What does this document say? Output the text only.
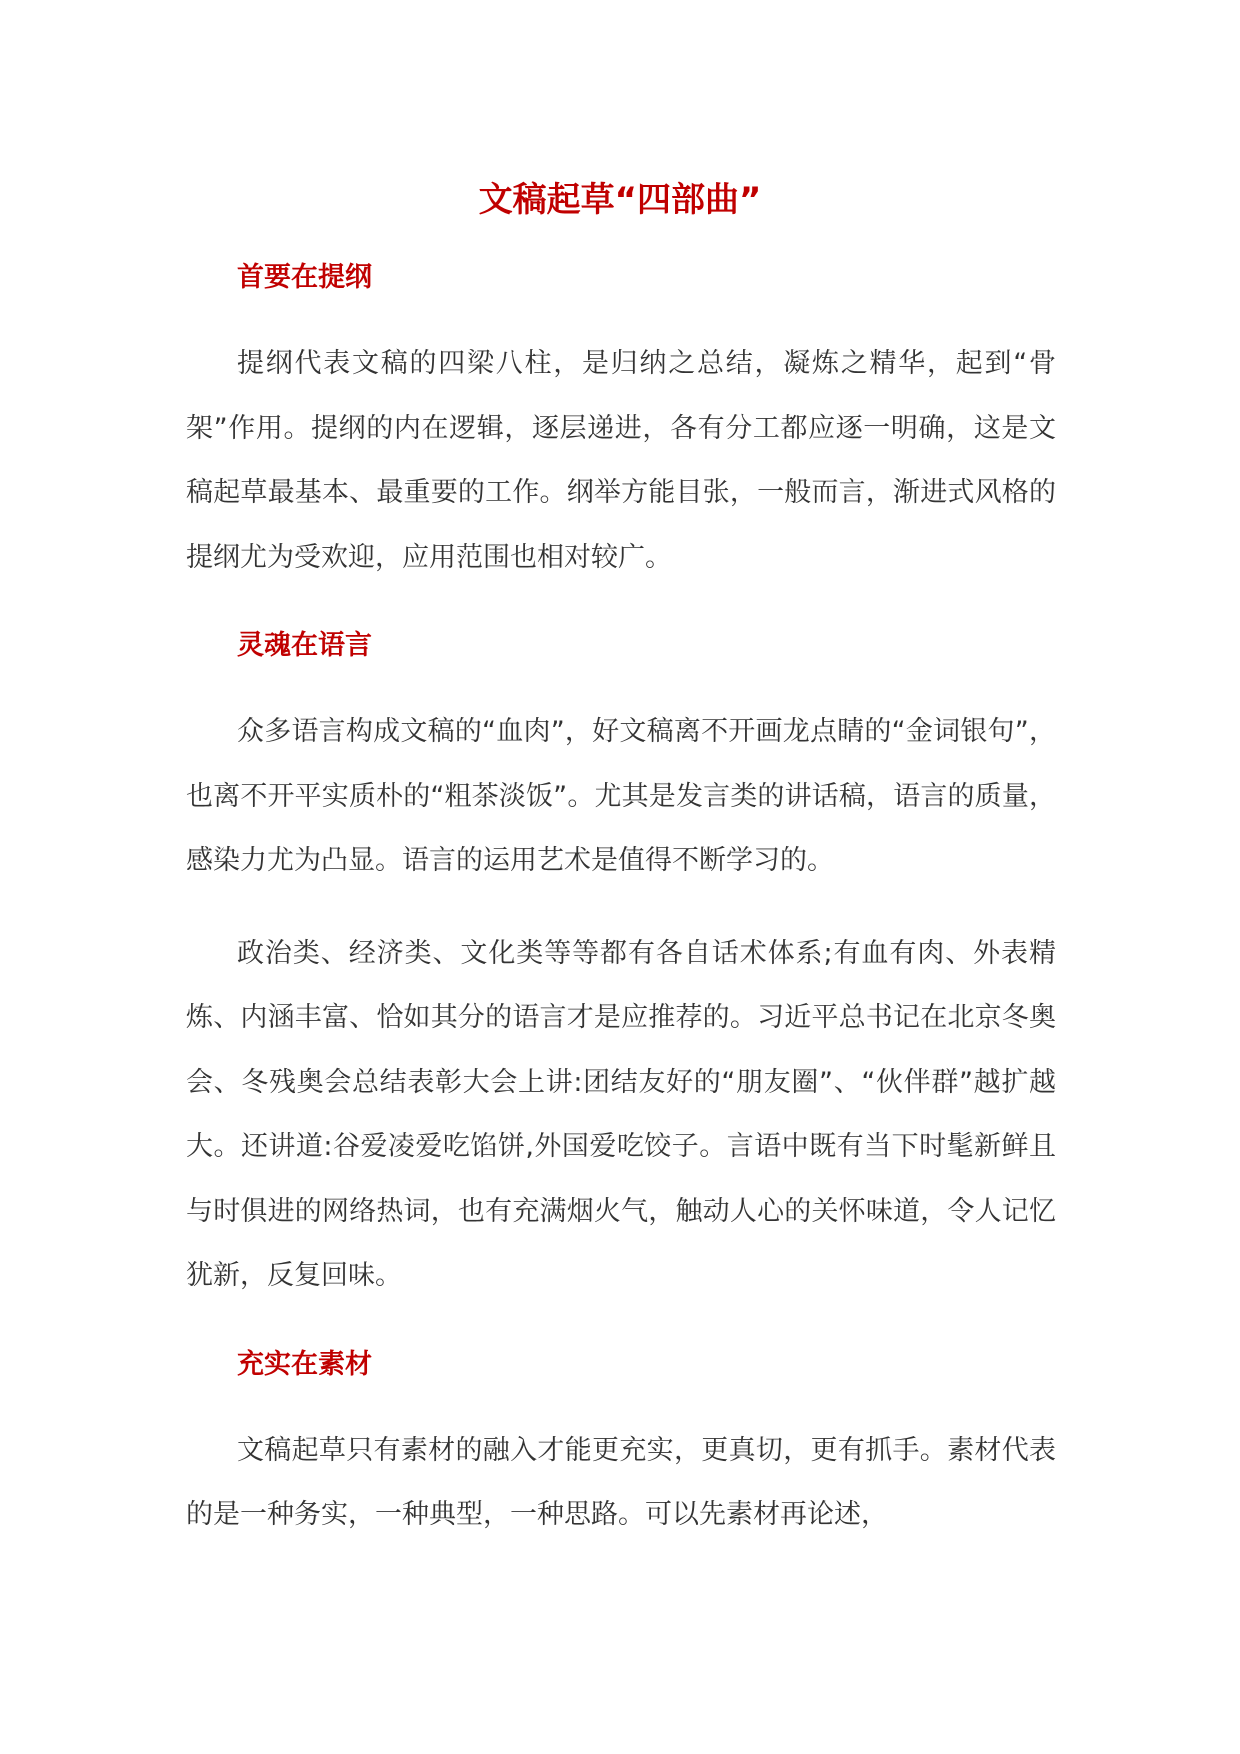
文稿起草“四部曲”
首要在提纲

提纲代表文稿的四梁八柱，是归纳之总结，凝炼之精华，起到“骨架”作用。提纲的内在逻辑，逐层递进，各有分工都应逐一明确，这是文稿起草最基本、最重要的工作。纲举方能目张，一般而言，渐进式风格的提纲尤为受欢迎，应用范围也相对较广。

灵魂在语言

众多语言构成文稿的“血肉”，好文稿离不开画龙点睛的“金词银句”，也离不开平实质朴的“粗茶淡饭”。尤其是发言类的讲话稿，语言的质量，感染力尤为凸显。语言的运用艺术是值得不断学习的。

政治类、经济类、文化类等等都有各自话术体系;有血有肉、外表精炼、内涵丰富、恰如其分的语言才是应推荐的。习近平总书记在北京冬奥会、冬残奥会总结表彰大会上讲:团结友好的“朋友圈”、“伙伴群”越扩越大。还讲道:谷爱凌爱吃馅饼,外国爱吃饺子。言语中既有当下时髦新鲜且与时俱进的网络热词，也有充满烟火气，触动人心的关怀味道，令人记忆犹新，反复回味。

充实在素材

文稿起草只有素材的融入才能更充实，更真切，更有抓手。素材代表的是一种务实，一种典型，一种思路。可以先素材再论述，
